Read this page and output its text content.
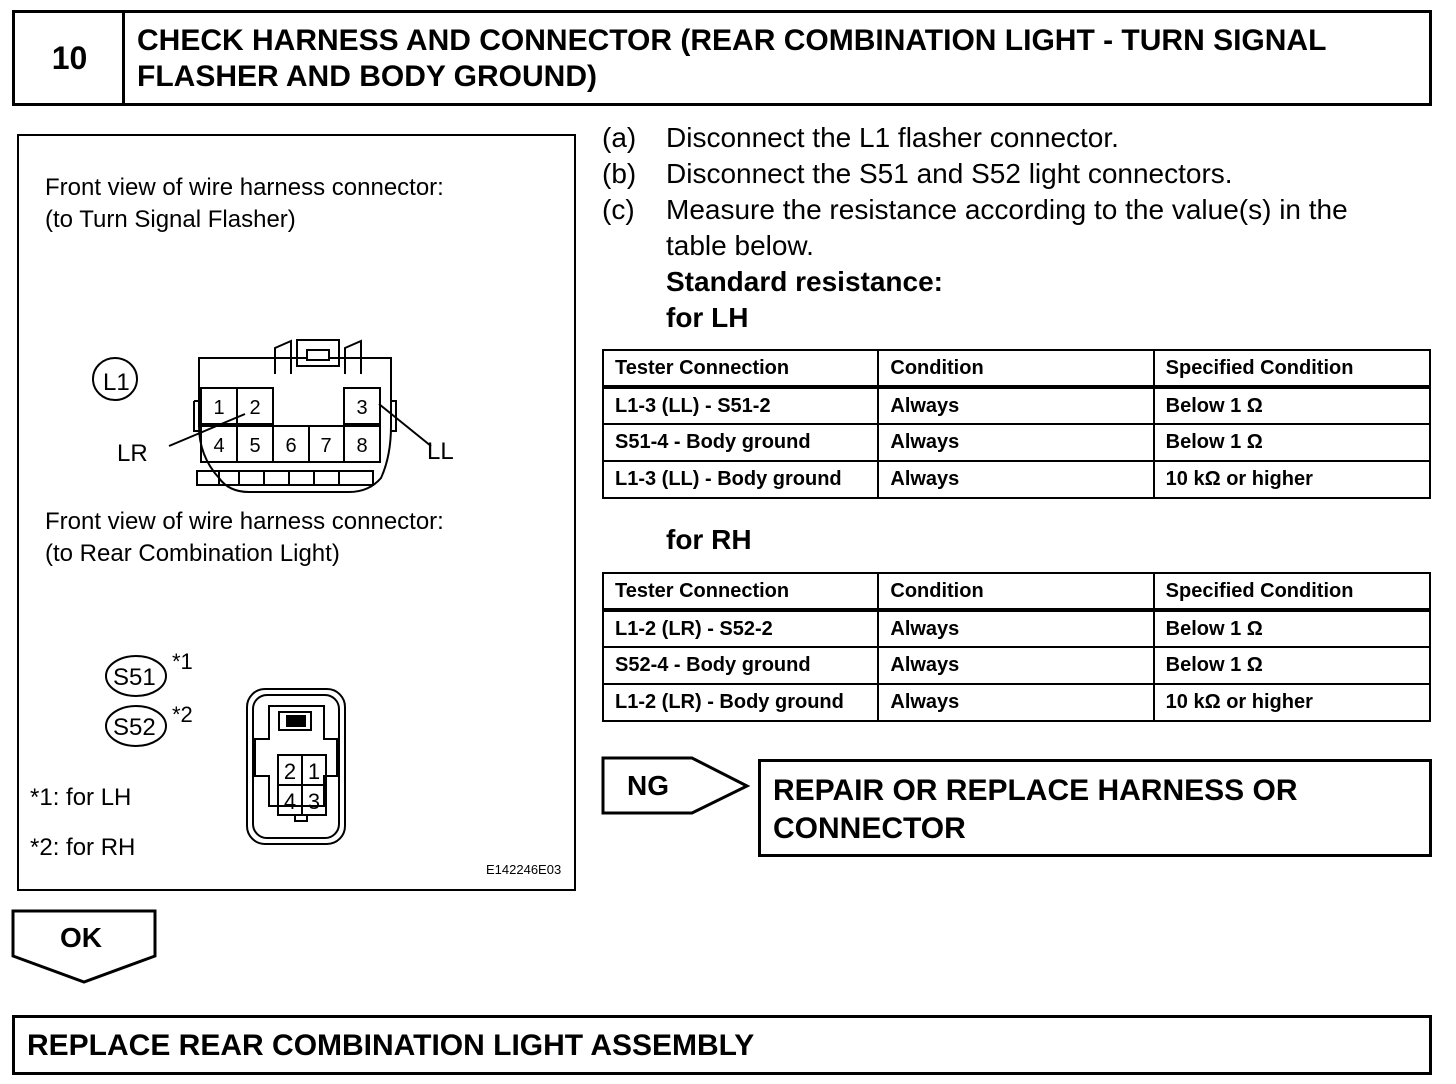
10	CHECK HARNESS AND CONNECTOR (REAR COMBINATION LIGHT - TURN SIGNAL
FLASHER AND BODY GROUND)
L1
1 2	3
4 5 6 7 8
LR	LL
S51
S52
*1
*2
2 1
4 3
Front view of wire harness connector:
(to Turn Signal Flasher)
Front view of wire harness connector:
(to Rear Combination Light)
*1: for LH
*2: for RH
E142246E03
(a) Disconnect the L1 flasher connector.
(b) Disconnect the S51 and S52 light connectors.
(c) Measure the resistance according to the value(s) in the
table below.
Standard resistance:
for LH
Tester Connection	Condition	Specified Condition
L1-3 (LL) - S51-2	Always	Below 1 Ω
S51-4 - Body ground	Always	Below 1 Ω
L1-3 (LL) - Body ground	Always	10 kΩ or higher
for RH
Tester Connection	Condition	Specified Condition
L1-2 (LR) - S52-2	Always	Below 1 Ω
S52-4 - Body ground	Always	Below 1 Ω
L1-2 (LR) - Body ground	Always	10 kΩ or higher
NG	REPAIR OR REPLACE HARNESS OR
CONNECTOR
OK
REPLACE REAR COMBINATION LIGHT ASSEMBLY
